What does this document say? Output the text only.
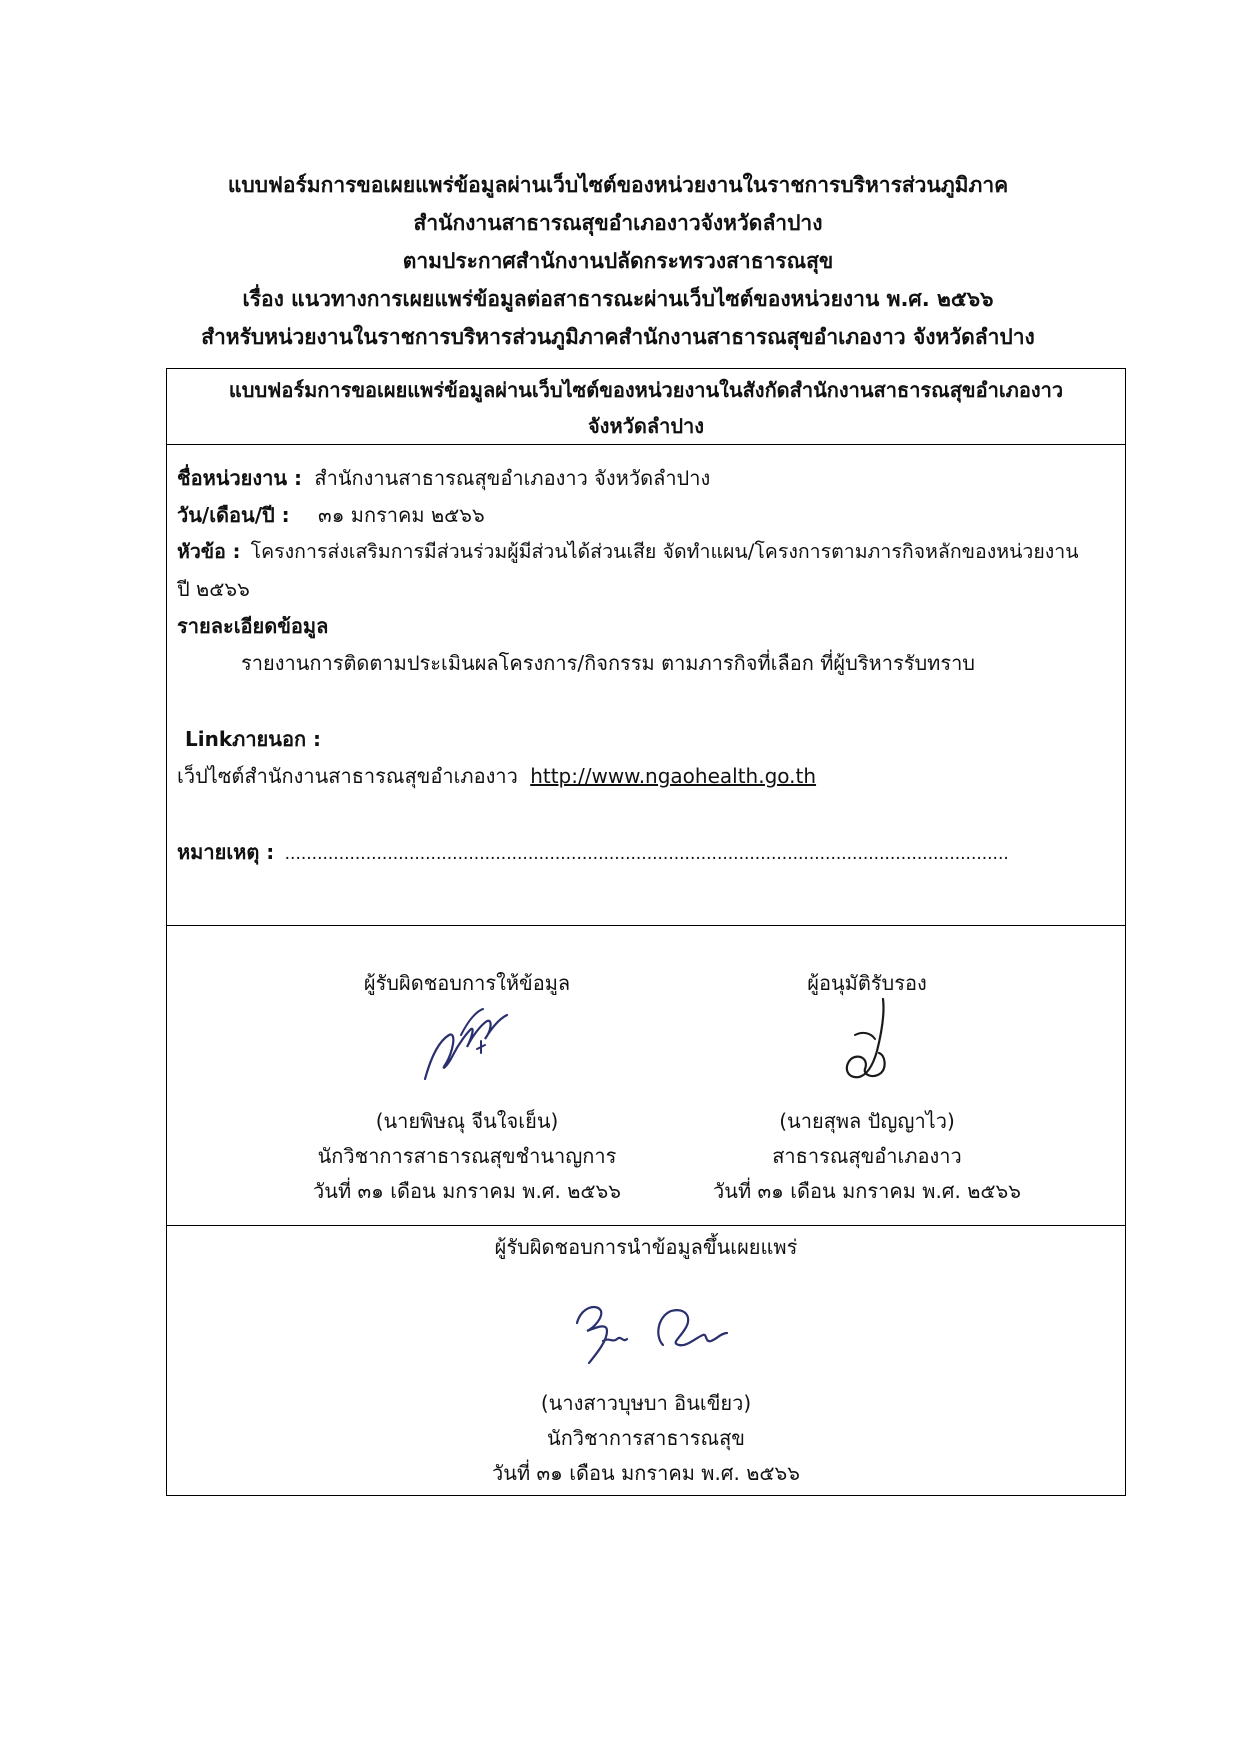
แบบฟอร์มการขอเผยแพร่ข้อมูลผ่านเว็บไซต์ของหน่วยงานในราชการบริหารส่วนภูมิภาค
สำนักงานสาธารณสุขอำเภองาวจังหวัดลำปาง
ตามประกาศสำนักงานปลัดกระทรวงสาธารณสุข
เรื่อง แนวทางการเผยแพร่ข้อมูลต่อสาธารณะผ่านเว็บไซต์ของหน่วยงาน พ.ศ. ๒๕๖๖
สำหรับหน่วยงานในราชการบริหารส่วนภูมิภาคสำนักงานสาธารณสุขอำเภองาว จังหวัดลำปาง
แบบฟอร์มการขอเผยแพร่ข้อมูลผ่านเว็บไซต์ของหน่วยงานในสังกัดสำนักงานสาธารณสุขอำเภองาว
จังหวัดลำปาง
ชื่อหน่วยงาน : สำนักงานสาธารณสุขอำเภองาว จังหวัดลำปาง
วัน/เดือน/ปี : ๓๑ มกราคม ๒๕๖๖
หัวข้อ : โครงการส่งเสริมการมีส่วนร่วมผู้มีส่วนได้ส่วนเสีย จัดทำแผน/โครงการตามภารกิจหลักของหน่วยงาน
ปี ๒๕๖๖
รายละเอียดข้อมูล
รายงานการติดตามประเมินผลโครงการ/กิจกรรม ตามภารกิจที่เลือก ที่ผู้บริหารรับทราบ
Linkภายนอก :
เว็ปไซต์สำนักงานสาธารณสุขอำเภองาว http://www.ngaohealth.go.th
หมายเหตุ : ......................................................................................................................................
ผู้รับผิดชอบการให้ข้อมูล
(นายพิษณุ จีนใจเย็น)
นักวิชาการสาธารณสุขชำนาญการ
วันที่ ๓๑ เดือน มกราคม พ.ศ. ๒๕๖๖
ผู้อนุมัติรับรอง
(นายสุพล ปัญญาไว)
สาธารณสุขอำเภองาว
วันที่ ๓๑ เดือน มกราคม พ.ศ. ๒๕๖๖
ผู้รับผิดชอบการนำข้อมูลขึ้นเผยแพร่
(นางสาวบุษบา อินเขียว)
นักวิชาการสาธารณสุข
วันที่ ๓๑ เดือน มกราคม พ.ศ. ๒๕๖๖
